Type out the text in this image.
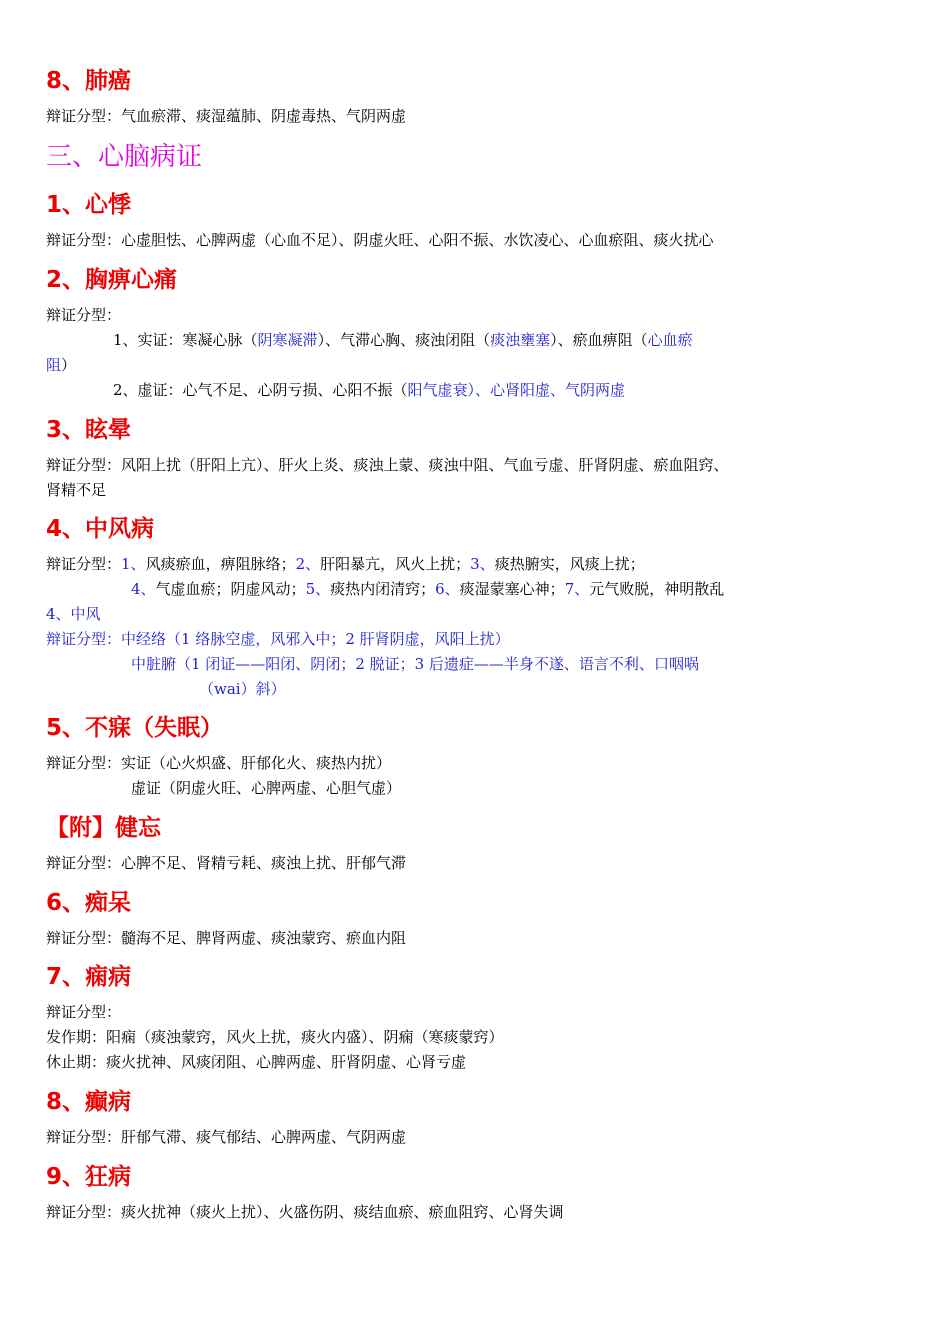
8、肺癌
辩证分型：气血瘀滞、痰湿蕴肺、阴虚毒热、气阴两虚
三、心脑病证
1、心悸
辩证分型：心虚胆怯、心脾两虚（心血不足）、阴虚火旺、心阳不振、水饮凌心、心血瘀阻、痰火扰心
2、胸痹心痛
辩证分型：
1、实证：寒凝心脉（阴寒凝滞）、气滞心胸、痰浊闭阻（痰浊壅塞）、瘀血痹阻（心血瘀
阻）
2、虚证：心气不足、心阴亏损、心阳不振（阳气虚衰）、心肾阳虚、气阴两虚
3、眩晕
辩证分型：风阳上扰（肝阳上亢）、肝火上炎、痰浊上蒙、痰浊中阻、气血亏虚、肝肾阴虚、瘀血阻窍、
肾精不足
4、中风病
辩证分型：1、风痰瘀血，痹阻脉络；2、肝阳暴亢，风火上扰；3、痰热腑实，风痰上扰；
4、气虚血瘀；阴虚风动；5、痰热内闭清窍；6、痰湿蒙塞心神；7、元气败脱，神明散乱
4、中风
辩证分型：中经络（1 络脉空虚，风邪入中；2 肝肾阴虚，风阳上扰）
中脏腑（1 闭证——阳闭、阴闭；2 脱证；3 后遗症——半身不遂、语言不利、口咽㖞
（wai）斜）
5、不寐（失眠）
辩证分型：实证（心火炽盛、肝郁化火、痰热内扰）
虚证（阴虚火旺、心脾两虚、心胆气虚）
【附】健忘
辩证分型：心脾不足、肾精亏耗、痰浊上扰、肝郁气滞
6、痴呆
辩证分型：髓海不足、脾肾两虚、痰浊蒙窍、瘀血内阻
7、痫病
辩证分型：
发作期：阳痫（痰浊蒙窍，风火上扰，痰火内盛）、阴痫（寒痰蒙窍）
休止期：痰火扰神、风痰闭阻、心脾两虚、肝肾阴虚、心肾亏虚
8、癫病
辩证分型：肝郁气滞、痰气郁结、心脾两虚、气阴两虚
9、狂病
辩证分型：痰火扰神（痰火上扰）、火盛伤阴、痰结血瘀、瘀血阻窍、心肾失调
